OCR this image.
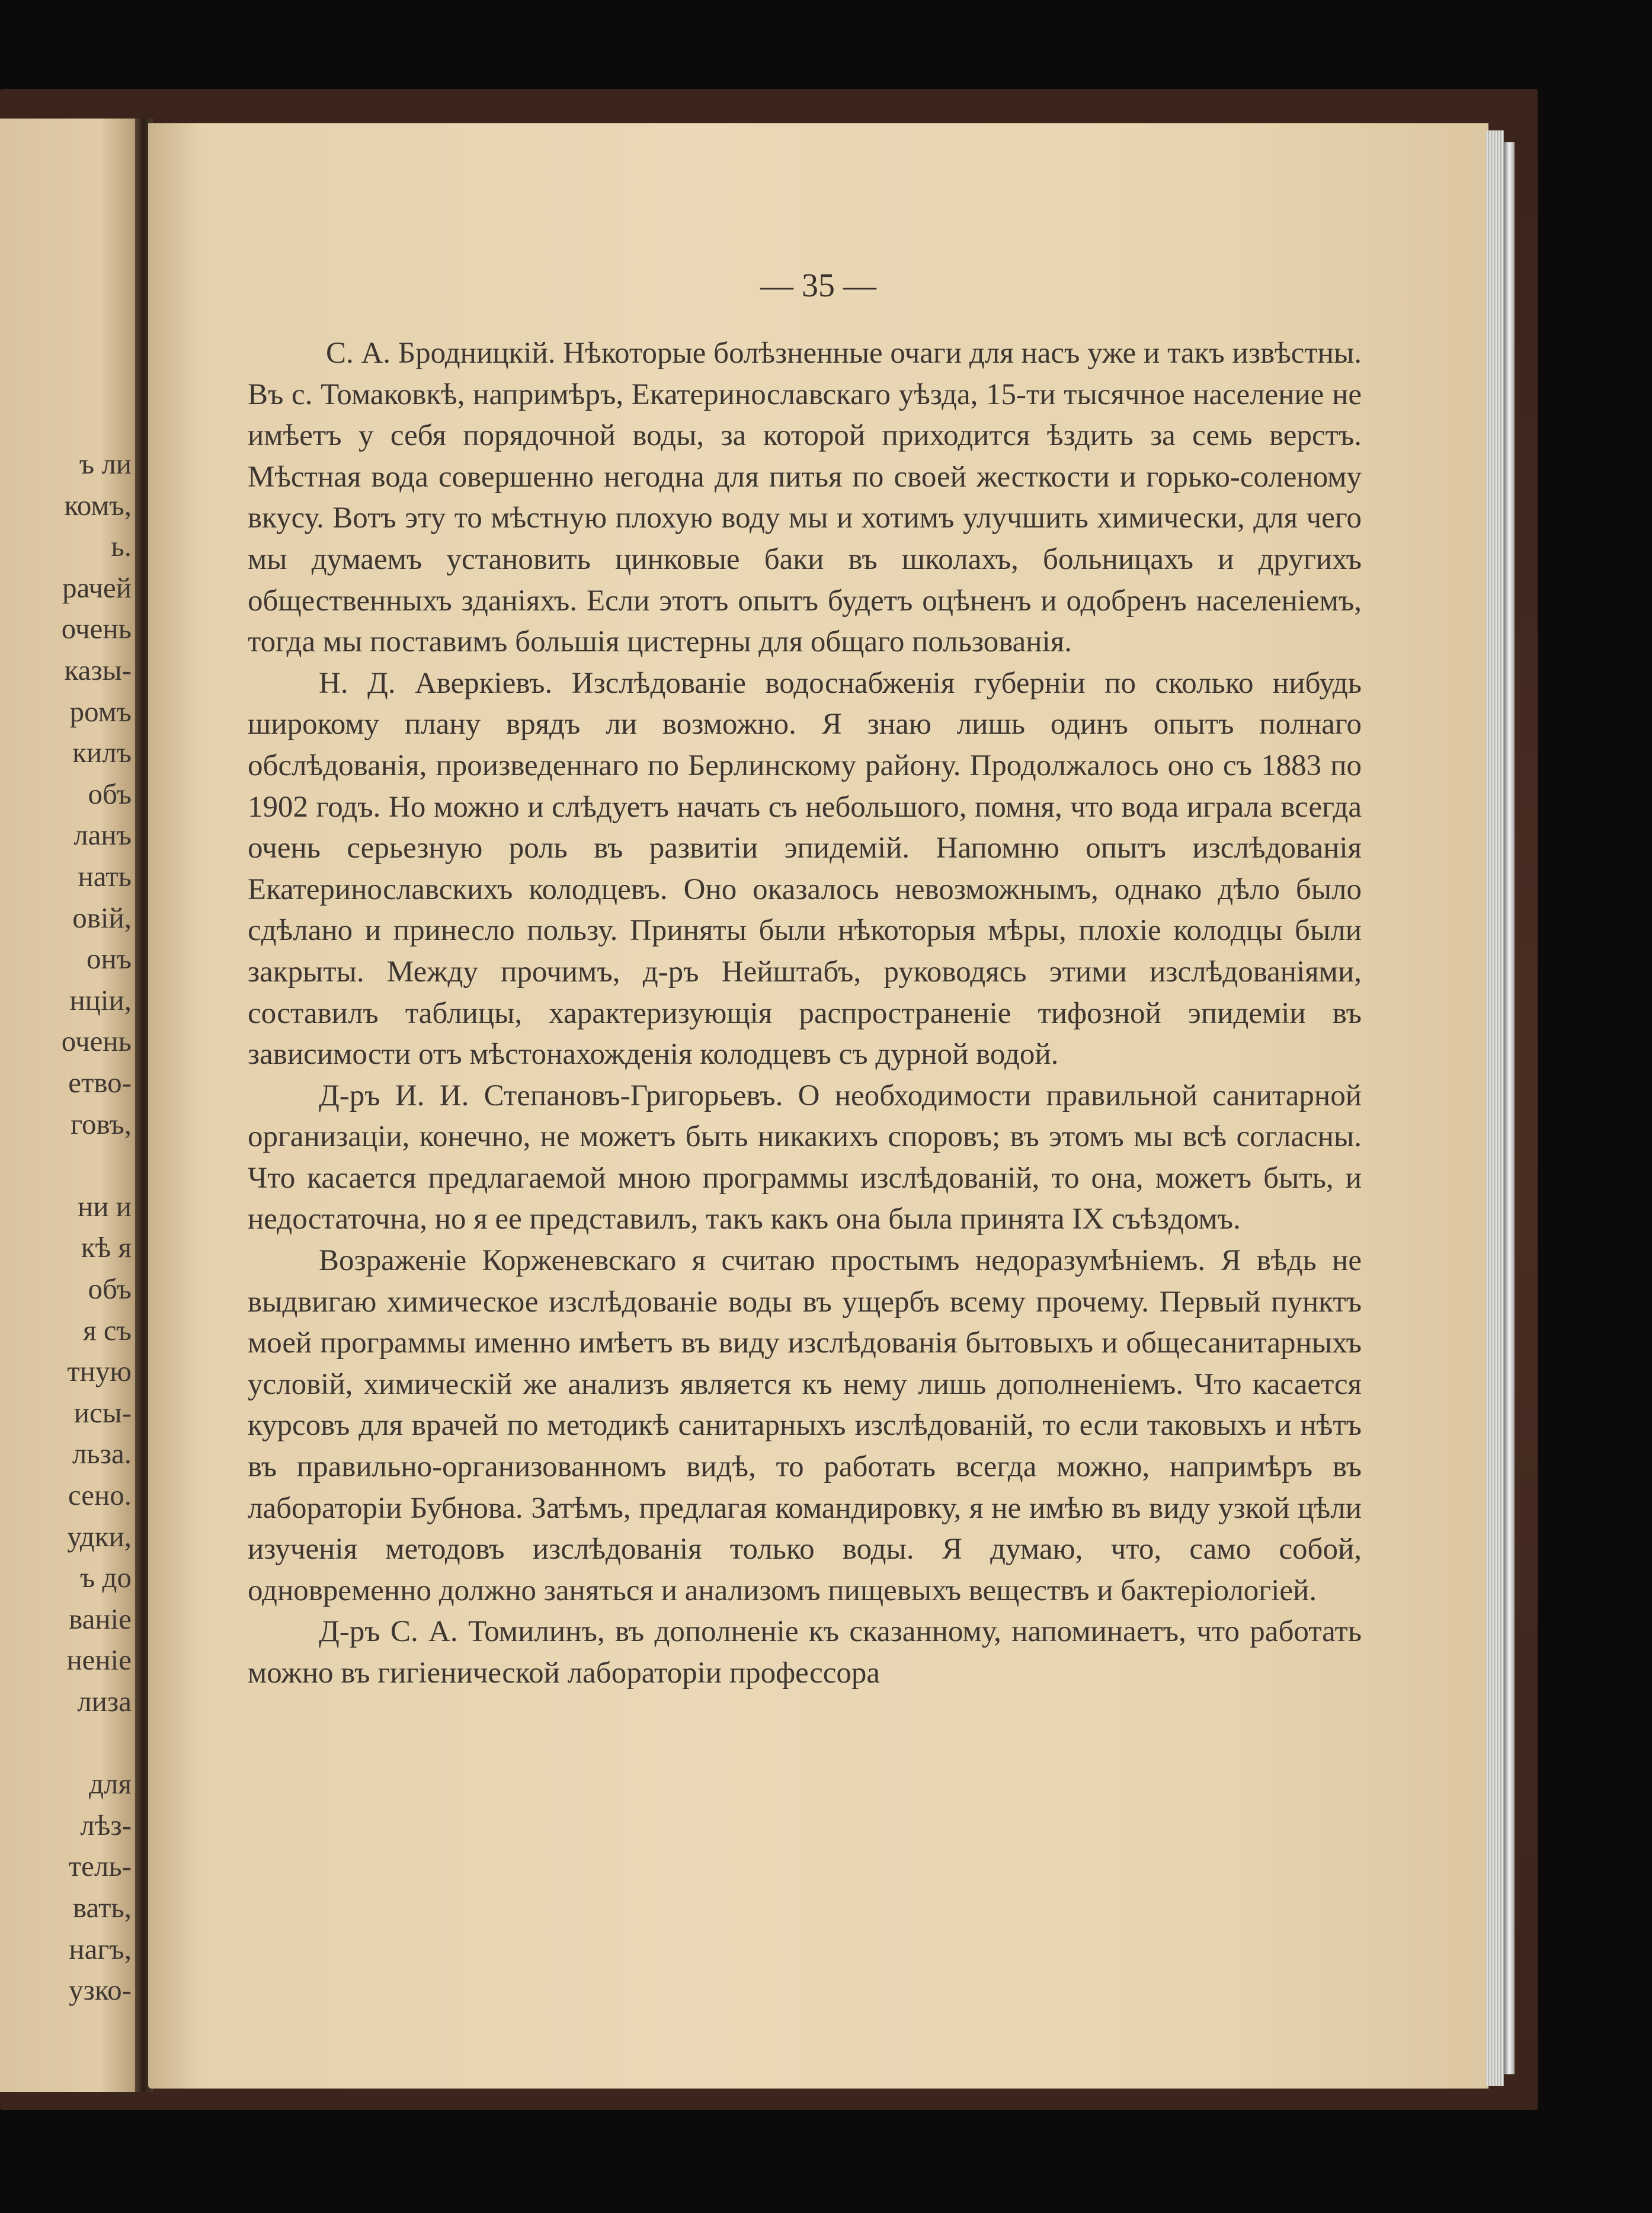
ъ ли
комъ,
ь.
рачей
очень
казы-
ромъ
килъ
объ
ланъ
нать
овій,
онъ
нціи,
очень
етво-
говъ,
ни и
кѣ я
объ
я съ
тную
исы-
льза.
сено.
удки,
ъ до
ваніе
неніе
лиза
для
лѣз-
тель-
вать,
нагъ,
узко-
— 35 —

С. А. Бродницкій. Нѣкоторые болѣзненные очаги для насъ уже и такъ извѣстны. Въ с. Томаковкѣ, напримѣръ, Екатеринославскаго уѣзда, 15-ти тысячное население не имѣетъ у себя порядочной воды, за которой приходится ѣздить за семь верстъ. Мѣстная вода совершенно негодна для питья по своей жесткости и горько-соленому вкусу. Вотъ эту то мѣстную плохую воду мы и хотимъ улучшить химически, для чего мы думаемъ установить цинковые баки въ школахъ, больницахъ и другихъ общественныхъ зданіяхъ. Если этотъ опытъ будетъ оцѣненъ и одобренъ населеніемъ, тогда мы поставимъ большія цистерны для общаго пользованія.

Н. Д. Аверкіевъ. Изслѣдованіе водоснабженія губерніи по сколько нибудь широкому плану врядъ ли возможно. Я знаю лишь одинъ опытъ полнаго обслѣдованія, произведеннаго по Берлинскому району. Продолжалось оно съ 1883 по 1902 годъ. Но можно и слѣдуетъ начать съ небольшого, помня, что вода играла всегда очень серьезную роль въ развитіи эпидемій. Напомню опытъ изслѣдованія Екатеринославскихъ колодцевъ. Оно оказалось невозможнымъ, однако дѣло было сдѣлано и принесло пользу. Приняты были нѣкоторыя мѣры, плохіе колодцы были закрыты. Между прочимъ, д-ръ Нейштабъ, руководясь этими изслѣдованіями, составилъ таблицы, характеризующія распространеніе тифозной эпидеміи въ зависимости отъ мѣстонахожденія колодцевъ съ дурной водой.

Д-ръ И. И. Степановъ-Григорьевъ. О необходимости правильной санитарной организаціи, конечно, не можетъ быть никакихъ споровъ; въ этомъ мы всѣ согласны. Что касается предлагаемой мною программы изслѣдованій, то она, можетъ быть, и недостаточна, но я ее представилъ, такъ какъ она была принята IX съѣздомъ.

Возраженіе Корженевскаго я считаю простымъ недоразумѣніемъ. Я вѣдь не выдвигаю химическое изслѣдованіе воды въ ущербъ всему прочему. Первый пунктъ моей программы именно имѣетъ въ виду изслѣдованія бытовыхъ и общесанитарныхъ условій, химическій же анализъ является къ нему лишь дополненіемъ. Что касается курсовъ для врачей по методикѣ санитарныхъ изслѣдованій, то если таковыхъ и нѣтъ въ правильно-организованномъ видѣ, то работать всегда можно, напримѣръ въ лабораторіи Бубнова. Затѣмъ, предлагая командировку, я не имѣю въ виду узкой цѣли изученія методовъ изслѣдованія только воды. Я думаю, что, само собой, одновременно должно заняться и анализомъ пищевыхъ веществъ и бактеріологіей.

Д-ръ С. А. Томилинъ, въ дополненіе къ сказанному, напоминаетъ, что работать можно въ гигіенической лабораторіи профессора
